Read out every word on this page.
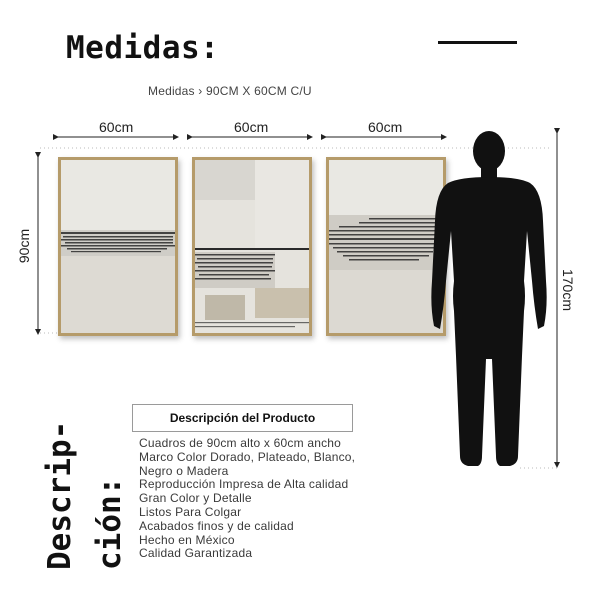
Medidas:
Medidas › 90CM X 60CM C/U
60cm	60cm	60cm
90cm
170cm
Descrip- ción:
Descripción del Producto
Cuadros de 90cm alto x 60cm ancho
Marco Color Dorado, Plateado, Blanco,
Negro o Madera
Reproducción Impresa de Alta calidad
Gran Color y Detalle
Listos Para Colgar
Acabados finos y de calidad
Hecho en México
Calidad Garantizada
